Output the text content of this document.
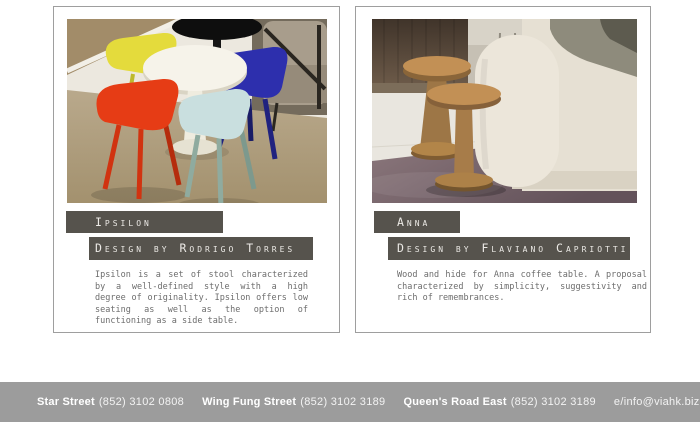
Ipsilon
Design by Rodrigo Torres

Ipsilon is a set of stool characterized by a well-defined style with a high degree of originality. Ipsilon offers low seating as well as the option of functioning as a side table.

Anna
Design by Flaviano Capriotti

Wood and hide for Anna coffee table. A proposal characterized by simplicity, suggestivity and rich of remembrances.

Star Street (852) 3102 0808 Wing Fung Street (852) 3102 3189 Queen's Road East (852) 3102 3189 e/info@viahk.biz
